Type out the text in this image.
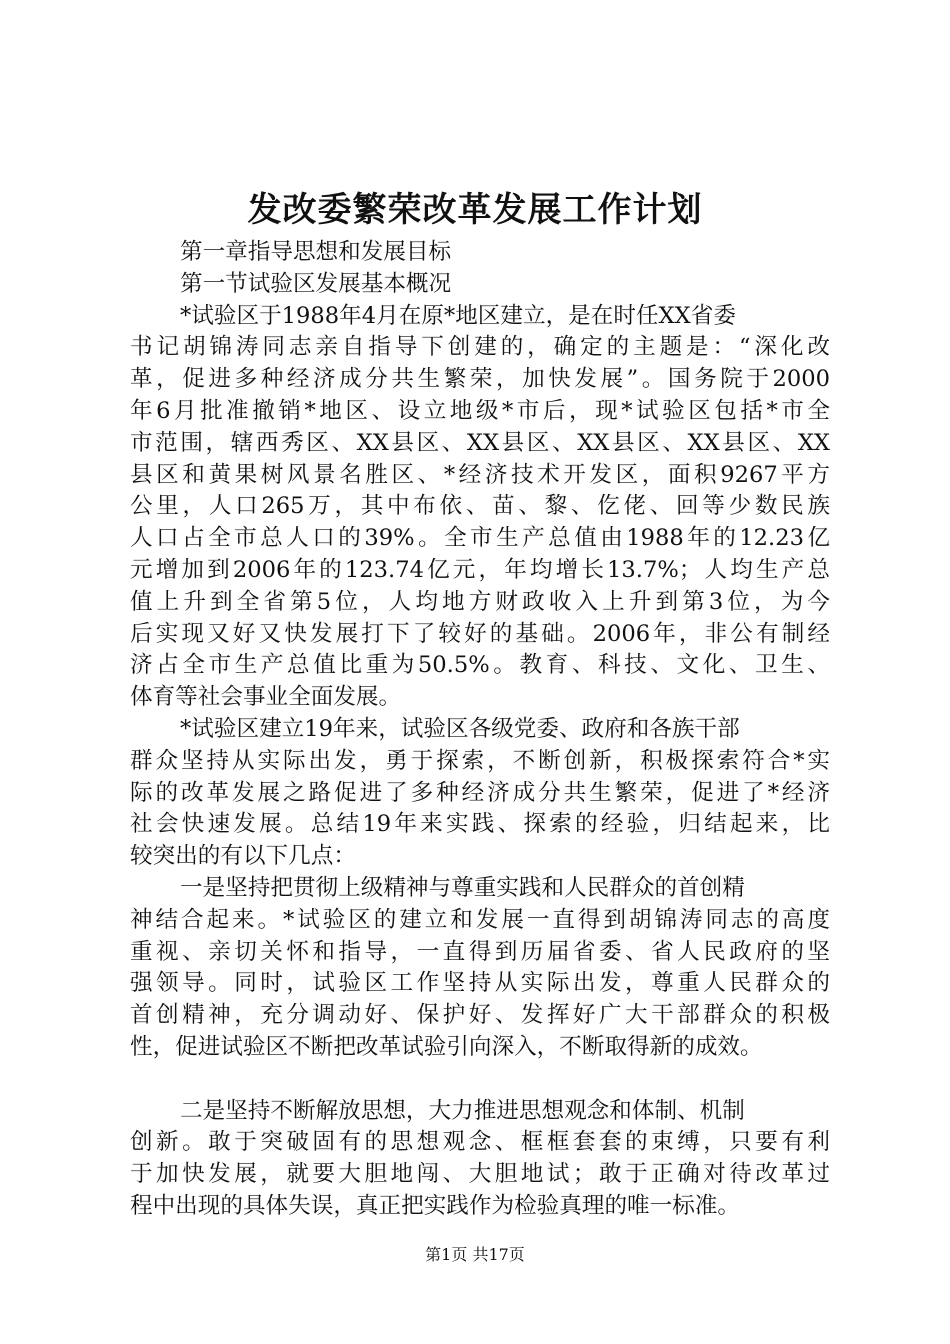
发改委繁荣改革发展工作计划
第一章指导思想和发展目标
第一节试验区发展基本概况
*试验区于1988年4月在原*地区建立，是在时任XX省委
书记胡锦涛同志亲自指导下创建的，确定的主题是：“深化改
革，促进多种经济成分共生繁荣，加快发展”。国务院于2000
年6月批准撤销*地区、设立地级*市后，现*试验区包括*市全
市范围，辖西秀区、XX县区、XX县区、XX县区、XX县区、XX
县区和黄果树风景名胜区、*经济技术开发区，面积9267平方
公里，人口265万，其中布依、苗、黎、仡佬、回等少数民族
人口占全市总人口的39%。全市生产总值由1988年的12.23亿
元增加到2006年的123.74亿元，年均增长13.7%；人均生产总
值上升到全省第5位，人均地方财政收入上升到第3位，为今
后实现又好又快发展打下了较好的基础。2006年，非公有制经
济占全市生产总值比重为50.5%。教育、科技、文化、卫生、
体育等社会事业全面发展。
*试验区建立19年来，试验区各级党委、政府和各族干部
群众坚持从实际出发，勇于探索，不断创新，积极探索符合*实
际的改革发展之路促进了多种经济成分共生繁荣，促进了*经济
社会快速发展。总结19年来实践、探索的经验，归结起来，比
较突出的有以下几点：
一是坚持把贯彻上级精神与尊重实践和人民群众的首创精
神结合起来。*试验区的建立和发展一直得到胡锦涛同志的高度
重视、亲切关怀和指导，一直得到历届省委、省人民政府的坚
强领导。同时，试验区工作坚持从实际出发，尊重人民群众的
首创精神，充分调动好、保护好、发挥好广大干部群众的积极
性，促进试验区不断把改革试验引向深入，不断取得新的成效。
二是坚持不断解放思想，大力推进思想观念和体制、机制
创新。敢于突破固有的思想观念、框框套套的束缚，只要有利
于加快发展，就要大胆地闯、大胆地试；敢于正确对待改革过
程中出现的具体失误，真正把实践作为检验真理的唯一标准。
第1页 共17页
